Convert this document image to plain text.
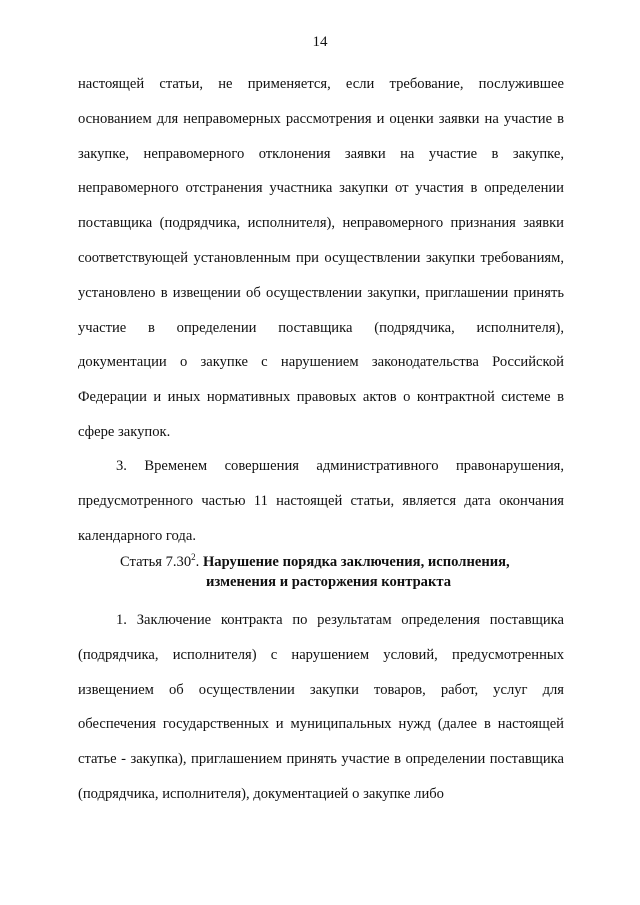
14

настоящей статьи, не применяется, если требование, послужившее основанием для неправомерных рассмотрения и оценки заявки на участие в закупке, неправомерного отклонения заявки на участие в закупке, неправомерного отстранения участника закупки от участия в определении поставщика (подрядчика, исполнителя), неправомерного признания заявки соответствующей установленным при осуществлении закупки требованиям, установлено в извещении об осуществлении закупки, приглашении принять участие в определении поставщика (подрядчика, исполнителя), документации о закупке с нарушением законодательства Российской Федерации и иных нормативных правовых актов о контрактной системе в сфере закупок.

3. Временем совершения административного правонарушения, предусмотренного частью 11 настоящей статьи, является дата окончания календарного года.

Статья 7.30$^2$. Нарушение порядка заключения, исполнения,
изменения и расторжения контракта

1. Заключение контракта по результатам определения поставщика (подрядчика, исполнителя) с нарушением условий, предусмотренных извещением об осуществлении закупки товаров, работ, услуг для обеспечения государственных и муниципальных нужд (далее в настоящей статье - закупка), приглашением принять участие в определении поставщика (подрядчика, исполнителя), документацией о закупке либо
